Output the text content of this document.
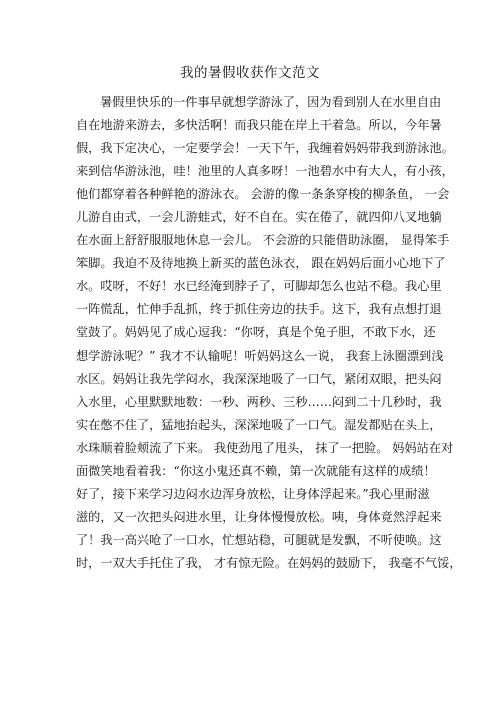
我的暑假收获作文范文
暑假里快乐的一件事早就想学游泳了，因为看到别人在水里自由
自在地游来游去，多快活啊！而我只能在岸上干着急。所以，今年暑
假，我下定决心，一定要学会！一天下午，我缠着妈妈带我到游泳池。
来到信华游泳池，哇！池里的人真多呀！一池碧水中有大人，有小孩，
他们都穿着各种鲜艳的游泳衣。 会游的像一条条穿梭的柳条鱼， 一会
儿游自由式，一会儿游蛙式，好不自在。实在倦了，就四仰八叉地躺
在水面上舒舒服服地休息一会儿。 不会游的只能借助泳圈， 显得笨手
笨脚。我迫不及待地换上新买的蓝色泳衣， 跟在妈妈后面小心地下了
水。哎呀，不好！水已经淹到脖子了，可脚却怎么也站不稳。我心里
一阵慌乱，忙伸手乱抓，终于抓住旁边的扶手。这下，我有点想打退
堂鼓了。妈妈见了成心逗我：“你呀，真是个兔子胆，不敢下水，还
想学游泳呢？” 我才不认输呢！听妈妈这么一说， 我套上泳圈漂到浅
水区。妈妈让我先学闷水，我深深地吸了一口气，紧闭双眼，把头闷
入水里，心里默默地数：一秒、两秒、三秒……闷到二十几秒时，我
实在憋不住了，猛地抬起头，深深地吸了一口气。湿发都贴在头上，
水珠顺着脸颊流了下来。 我使劲甩了甩头， 抹了一把脸。 妈妈站在对
面微笑地看着我：“你这小鬼还真不赖，第一次就能有这样的成绩！
好了，接下来学习边闷水边浑身放松，让身体浮起来。”我心里耐滋
滋的，又一次把头闷进水里，让身体慢慢放松。咦，身体竟然浮起来
了！我一高兴呛了一口水，忙想站稳，可腿就是发飘，不听使唤。这
时，一双大手托住了我， 才有惊无险。在妈妈的鼓励下， 我毫不气馁，
